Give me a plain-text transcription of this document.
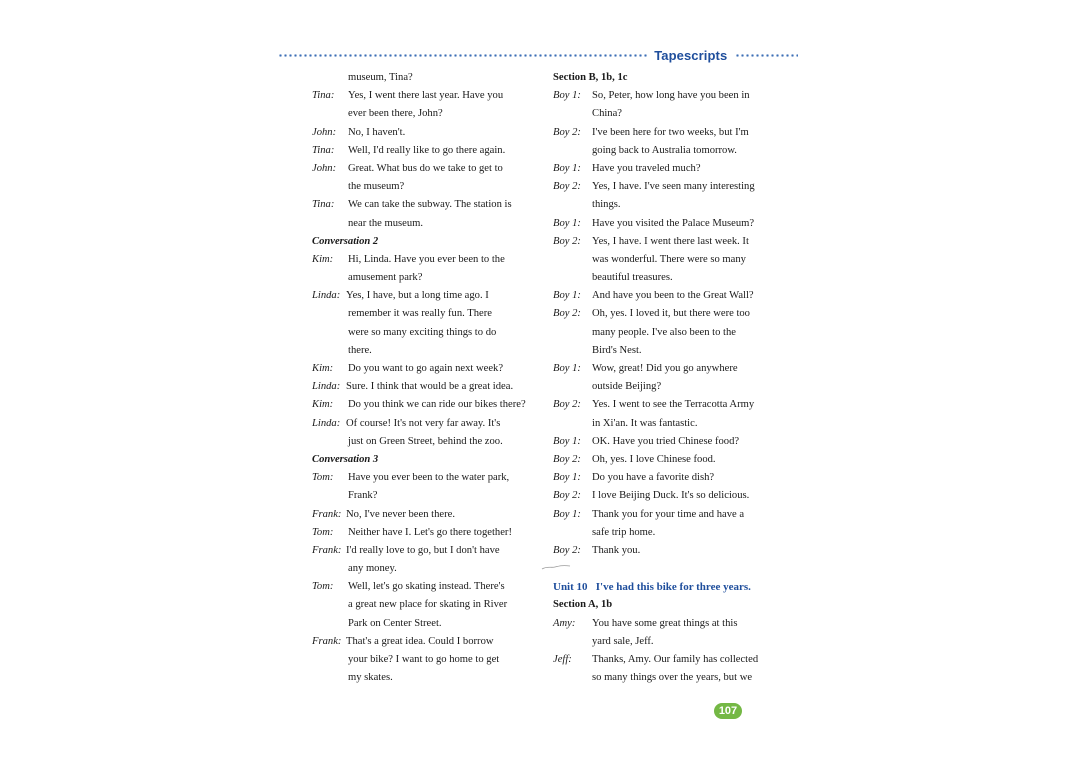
Tapescripts
museum, Tina?
Tina: Yes, I went there last year. Have you
ever been there, John?
John: No, I haven't.
Tina: Well, I'd really like to go there again.
John: Great. What bus do we take to get to
the museum?
Tina: We can take the subway. The station is
near the museum.
Conversation 2
Kim: Hi, Linda. Have you ever been to the
amusement park?
Linda: Yes, I have, but a long time ago. I
remember it was really fun. There
were so many exciting things to do
there.
Kim: Do you want to go again next week?
Linda: Sure. I think that would be a great idea.
Kim: Do you think we can ride our bikes there?
Linda: Of course! It's not very far away. It's
just on Green Street, behind the zoo.
Conversation 3
Tom: Have you ever been to the water park,
Frank?
Frank: No, I've never been there.
Tom: Neither have I. Let's go there together!
Frank: I'd really love to go, but I don't have
any money.
Tom: Well, let's go skating instead. There's
a great new place for skating in River
Park on Center Street.
Frank: That's a great idea. Could I borrow
your bike? I want to go home to get
my skates.
Section B, 1b, 1c
Boy 1: So, Peter, how long have you been in
China?
Boy 2: I've been here for two weeks, but I'm
going back to Australia tomorrow.
Boy 1: Have you traveled much?
Boy 2: Yes, I have. I've seen many interesting
things.
Boy 1: Have you visited the Palace Museum?
Boy 2: Yes, I have. I went there last week. It
was wonderful. There were so many
beautiful treasures.
Boy 1: And have you been to the Great Wall?
Boy 2: Oh, yes. I loved it, but there were too
many people. I've also been to the
Bird's Nest.
Boy 1: Wow, great! Did you go anywhere
outside Beijing?
Boy 2: Yes. I went to see the Terracotta Army
in Xi'an. It was fantastic.
Boy 1: OK. Have you tried Chinese food?
Boy 2: Oh, yes. I love Chinese food.
Boy 1: Do you have a favorite dish?
Boy 2: I love Beijing Duck. It's so delicious.
Boy 1: Thank you for your time and have a
safe trip home.
Boy 2: Thank you.
Unit 10   I've had this bike for three years.
Section A, 1b
Amy: You have some great things at this
yard sale, Jeff.
Jeff: Thanks, Amy. Our family has collected
so many things over the years, but we
107
